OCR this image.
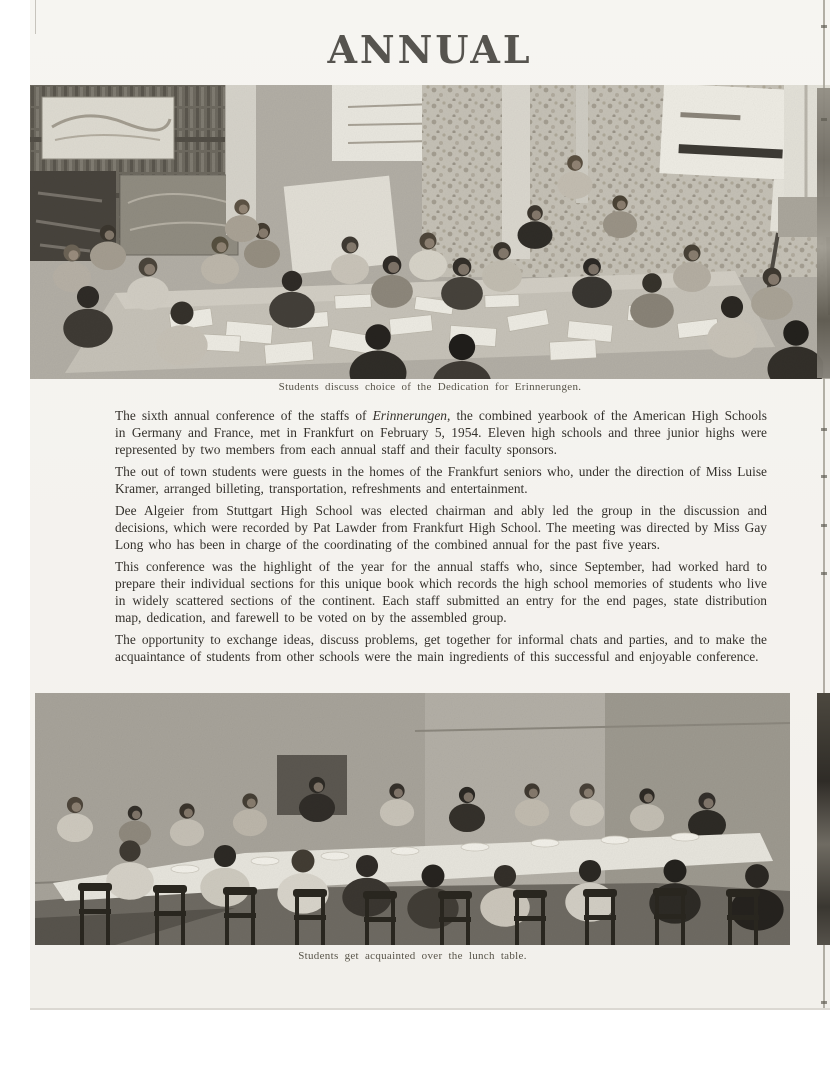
ANNUAL
Students discuss choice of the Dedication for Erinnerungen.

The sixth annual conference of the staffs of Erinnerungen, the combined yearbook of the American High Schools in Germany and France, met in Frankfurt on February 5, 1954. Eleven high schools and three junior highs were represented by two members from each annual staff and their faculty sponsors.

The out of town students were guests in the homes of the Frankfurt seniors who, under the direction of Miss Luise Kramer, arranged billeting, transportation, refreshments and entertainment.

Dee Algeier from Stuttgart High School was elected chairman and ably led the group in the discussion and decisions, which were recorded by Pat Lawder from Frankfurt High School. The meeting was directed by Miss Gay Long who has been in charge of the coordinating of the combined annual for the past five years.

This conference was the highlight of the year for the annual staffs who, since September, had worked hard to prepare their individual sections for this unique book which records the high school memories of students who live in widely scattered sections of the continent. Each staff submitted an entry for the end pages, state distribution map, dedication, and farewell to be voted on by the assembled group.

The opportunity to exchange ideas, discuss problems, get together for informal chats and parties, and to make the acquaintance of students from other schools were the main ingredients of this successful and enjoyable conference.

Students get acquainted over the lunch table.
